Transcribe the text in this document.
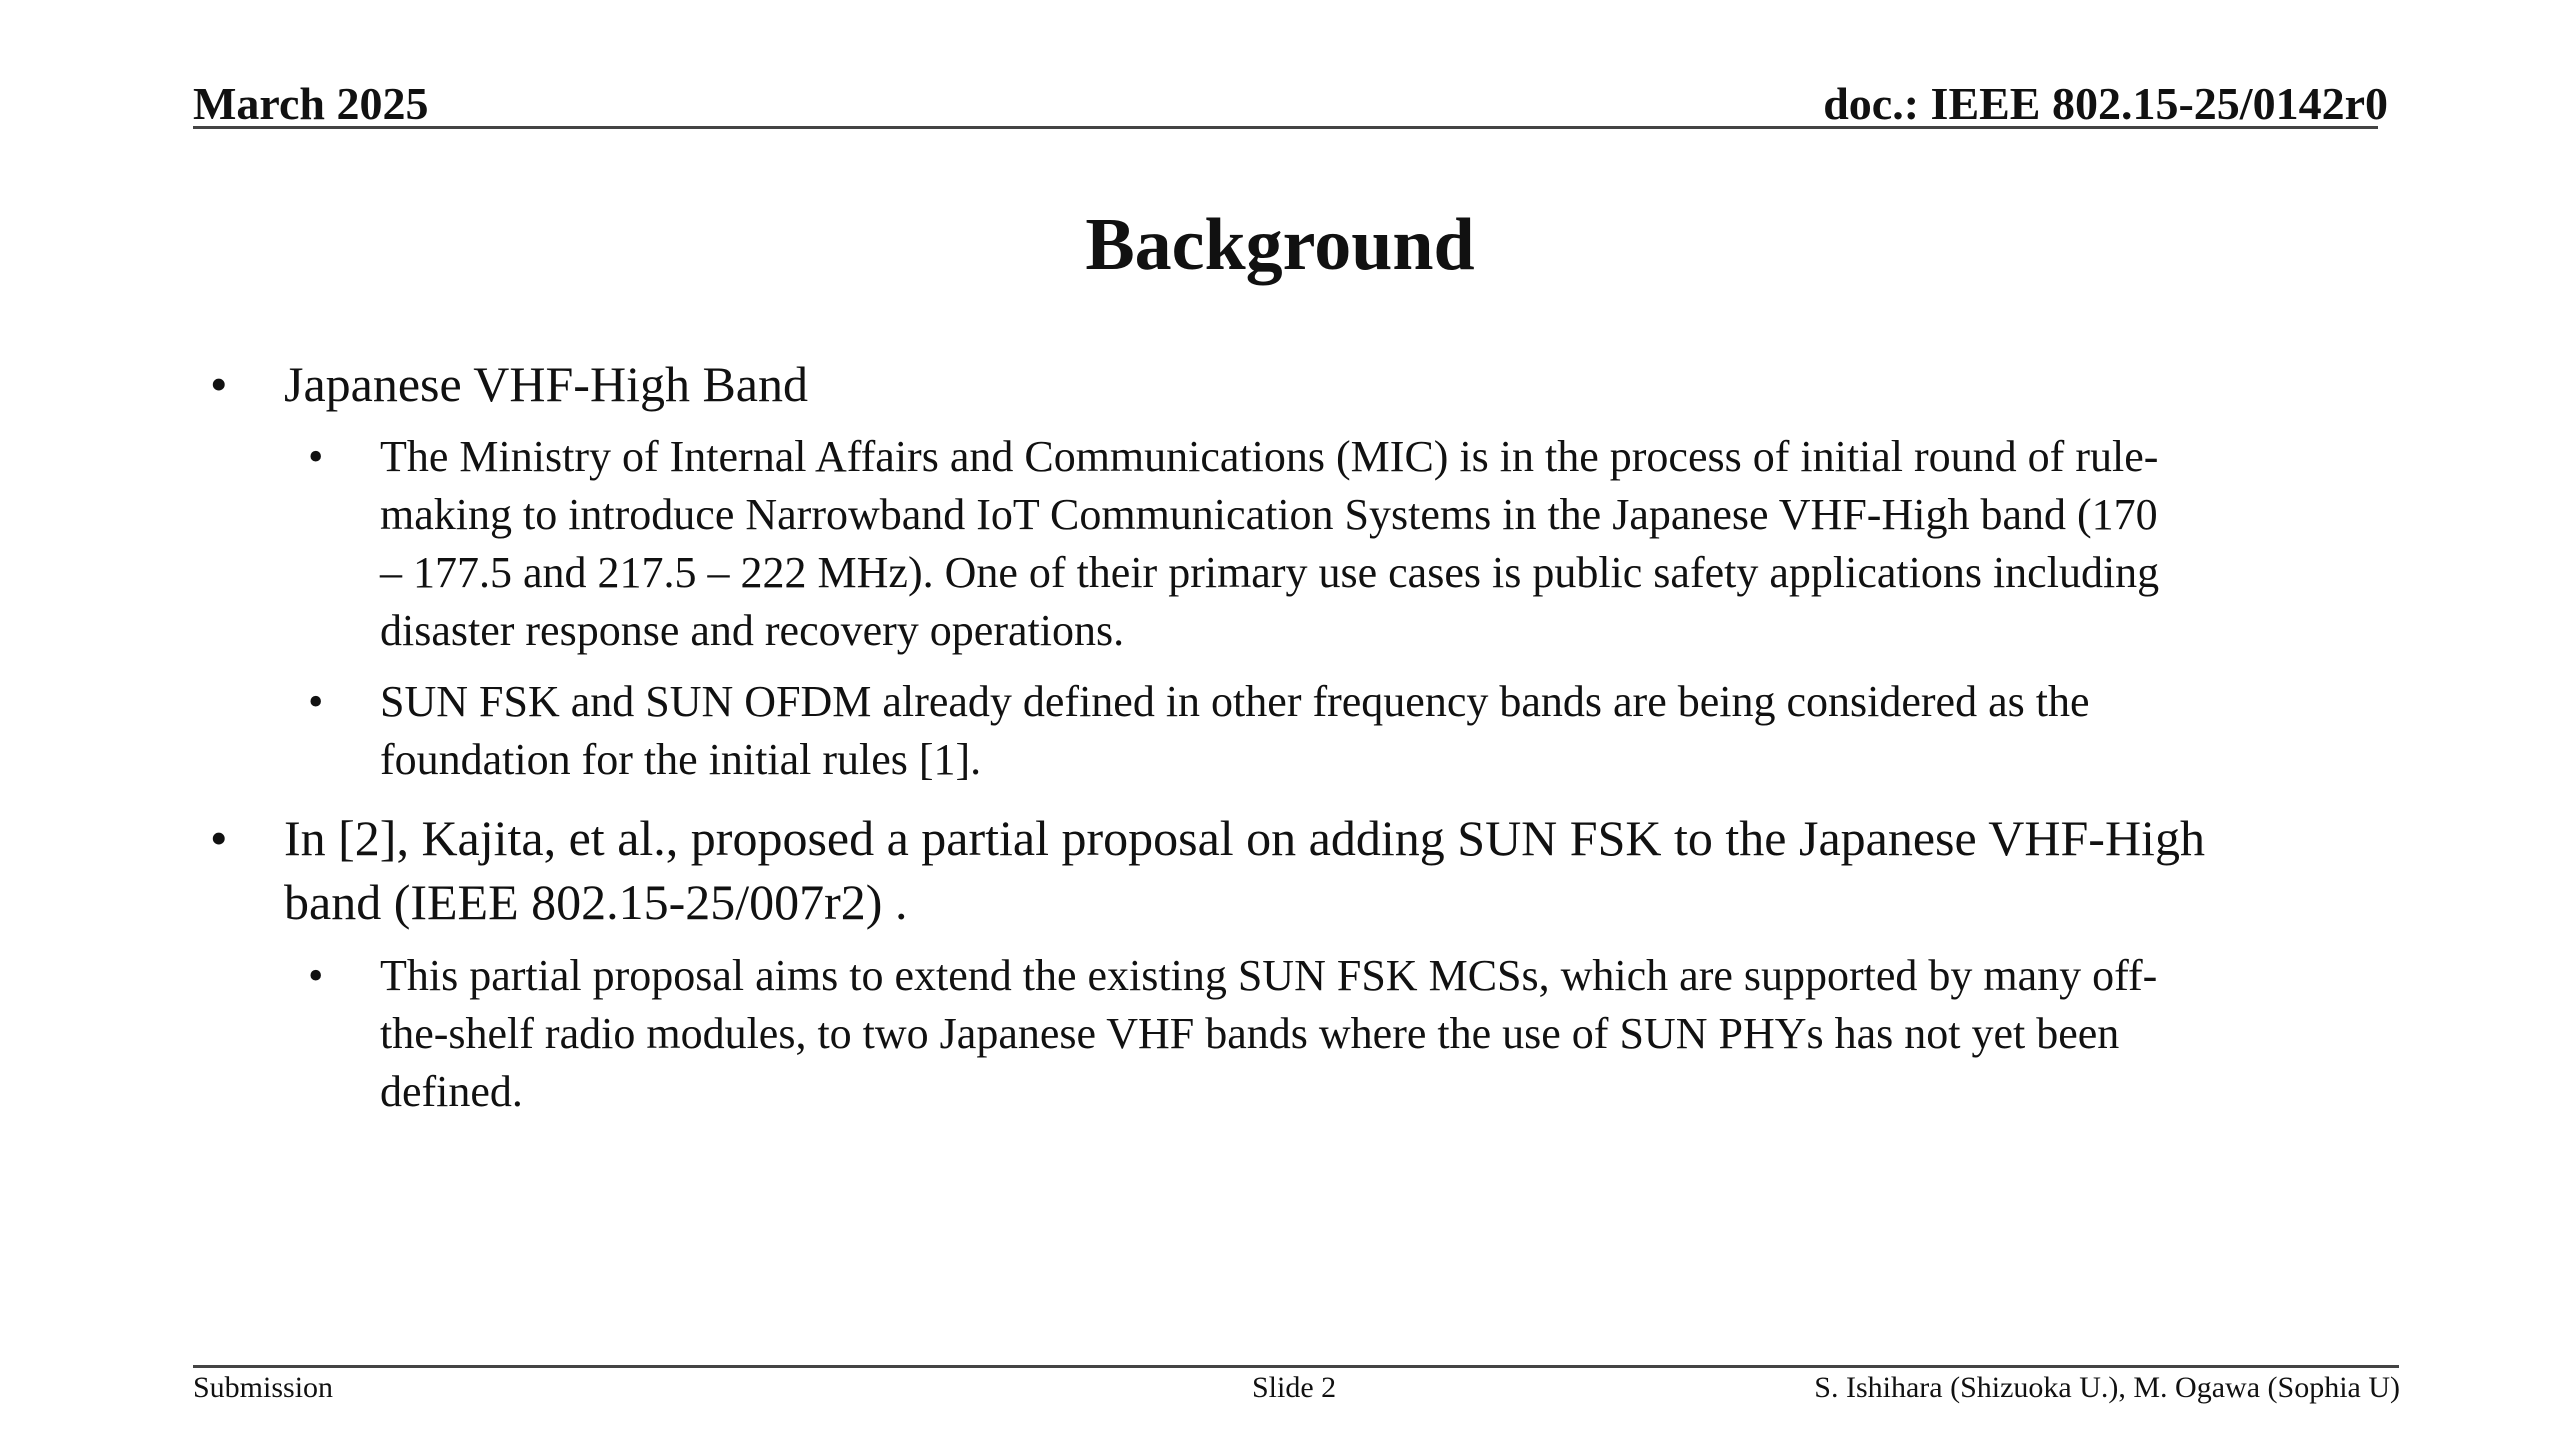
March 2025	doc.: IEEE 802.15-25/0142r0
Background
• Japanese VHF-High Band
• The Ministry of Internal Affairs and Communications (MIC) is in the process of initial round of rule-
making to introduce Narrowband IoT Communication Systems in the Japanese VHF-High band (170
– 177.5 and 217.5 – 222 MHz). One of their primary use cases is public safety applications including
disaster response and recovery operations.
• SUN FSK and SUN OFDM already defined in other frequency bands are being considered as the
foundation for the initial rules [1].
• In [2], Kajita, et al., proposed a partial proposal on adding SUN FSK to the Japanese VHF-High
band (IEEE 802.15-25/007r2) .
• This partial proposal aims to extend the existing SUN FSK MCSs, which are supported by many off-
the-shelf radio modules, to two Japanese VHF bands where the use of SUN PHYs has not yet been
defined.
Submission	Slide 2	S. Ishihara (Shizuoka U.), M. Ogawa (Sophia U)
